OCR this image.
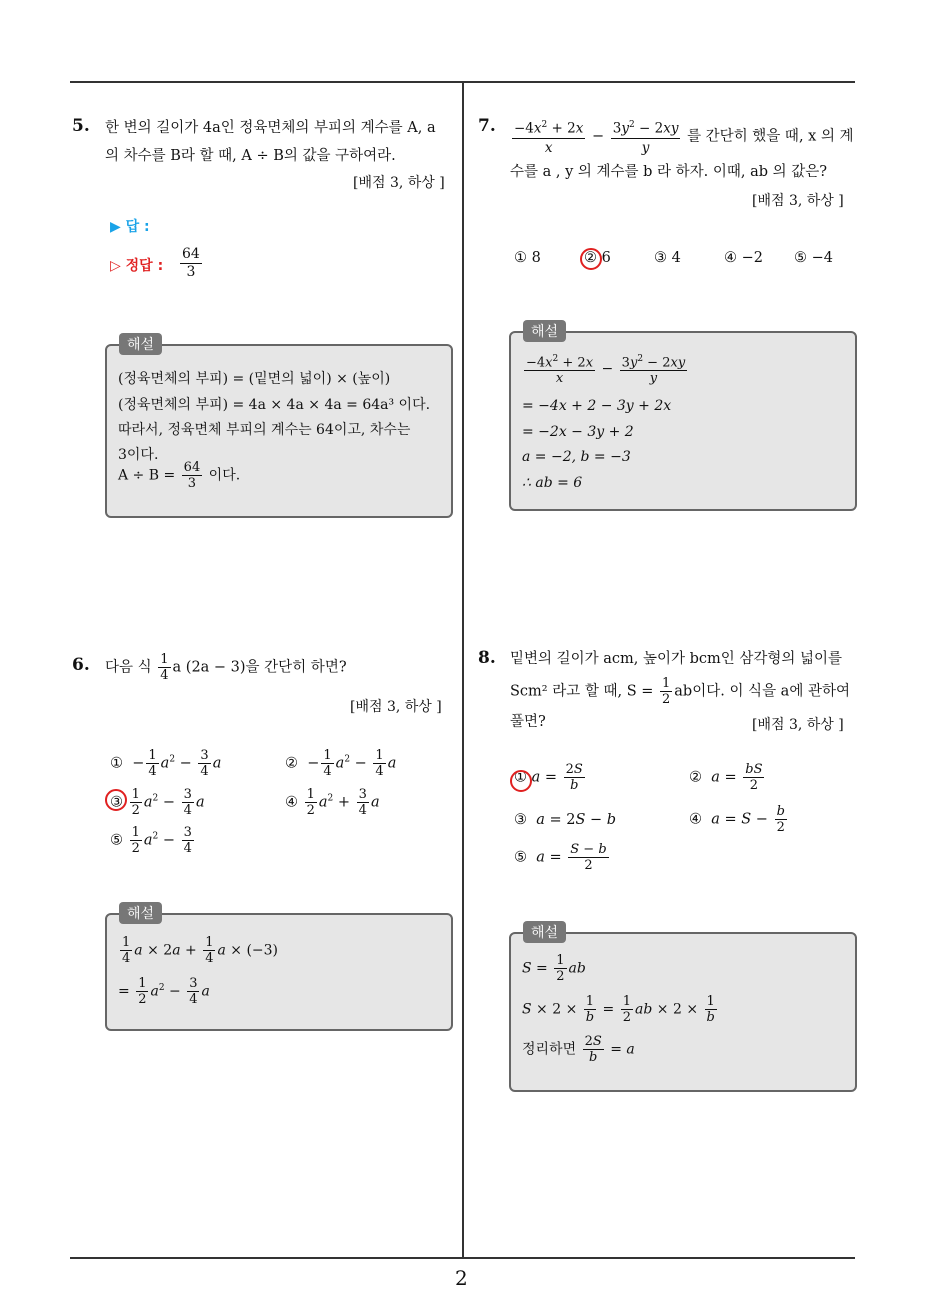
2
5. 한 변의 길이가 4a인 정육면체의 부피의 계수를 A, a
의 차수를 B라 할 때, A ÷ B의 값을 구하여라.
[배점 3, 하상 ]
▶ 답 :
▷ 정답 : $\frac{64}{3}$
해설
(정육면체의 부피) = (밑면의 넓이) × (높이)
(정육면체의 부피) = 4a × 4a × 4a = 64a³ 이다.
따라서, 정육면체 부피의 계수는 64이고, 차수는
3이다.
$A \div B = \frac{64}{3}$ 이다.
6. 다음 식 $\frac{1}{4}$ a (2a − 3)을 간단히 하면?
[배점 3, 하상 ]
①  − $\frac{1}{4} a^2 - \frac{3}{4}$ a	②  − $\frac{1}{4} a^2 - \frac{1}{4}$ a
③ $\frac{1}{2} a^2 - \frac{3}{4}$ a	④ $\frac{1}{2} a^2 + \frac{3}{4}$ a
⑤ $\frac{1}{2} a^2 - \frac{3}{4}$
해설
$\frac{1}{4}$ $a \times 2a + \frac{1}{4}$ a × (−3)
= $\frac{1}{2} a^2 - \frac{3}{4}$ a
7. $\frac{-4x^2 + 2x}{x} - \frac{3y^2 - 2xy}{y}$ 를 간단히 했을 때, x 의 계
수를 a , y 의 계수를 b 라 하자. 이때, ab 의 값은?
[배점 3, 하상 ]
① 8	② 6	③ 4	④ −2 ⑤ −4
해설
$\frac{-4x^2 + 2x}{x} - \frac{3y^2 - 2xy}{y}$
= −4x + 2 − 3y + 2x
= −2x − 3y + 2
a = −2, b = −3
∴ ab = 6
8. 밑변의 길이가 acm, 높이가 bcm인 삼각형의 넓이를
Scm² 라고 할 때, $S = \frac{1}{2}$ ab이다. 이 식을 a에 관하여
풀면?	[배점 3, 하상 ]
① $a = \frac{2S}{b}$	②  $a = \frac{bS}{2}$
③  a = 2S − b	④  $a = S - \frac{b}{2}$
⑤  $a = \frac{S - b}{2}$
해설
$S = \frac{1}{2}$ ab
$S \times 2 \times \frac{1}{b} = \frac{1}{2}$ ab × $2 \times \frac{1}{b}$
정리하면 $\frac{2S}{b} = a$
